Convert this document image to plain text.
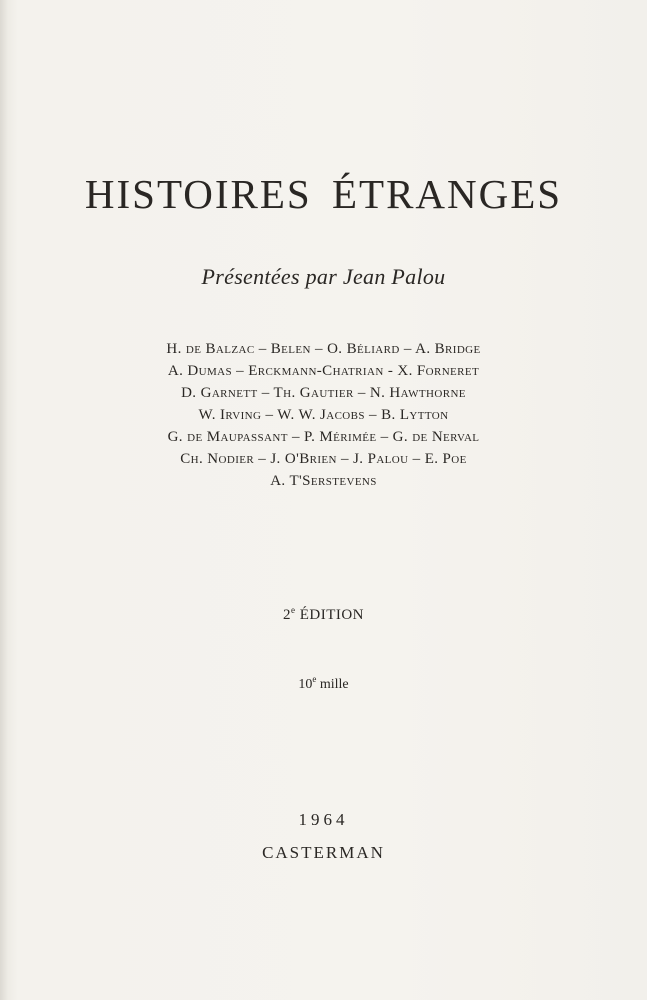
HISTOIRES ÉTRANGES
Présentées par Jean Palou
H. de Balzac – Belen – O. Béliard – A. Bridge
A. Dumas – Erckmann-Chatrian - X. Forneret
D. Garnett – Th. Gautier – N. Hawthorne
W. Irving – W. W. Jacobs – B. Lytton
G. de Maupassant – P. Mérimée – G. de Nerval
Ch. Nodier – J. O'Brien – J. Palou – E. Poe
A. T'Serstevens
2e ÉDITION
10e mille
1964
CASTERMAN
